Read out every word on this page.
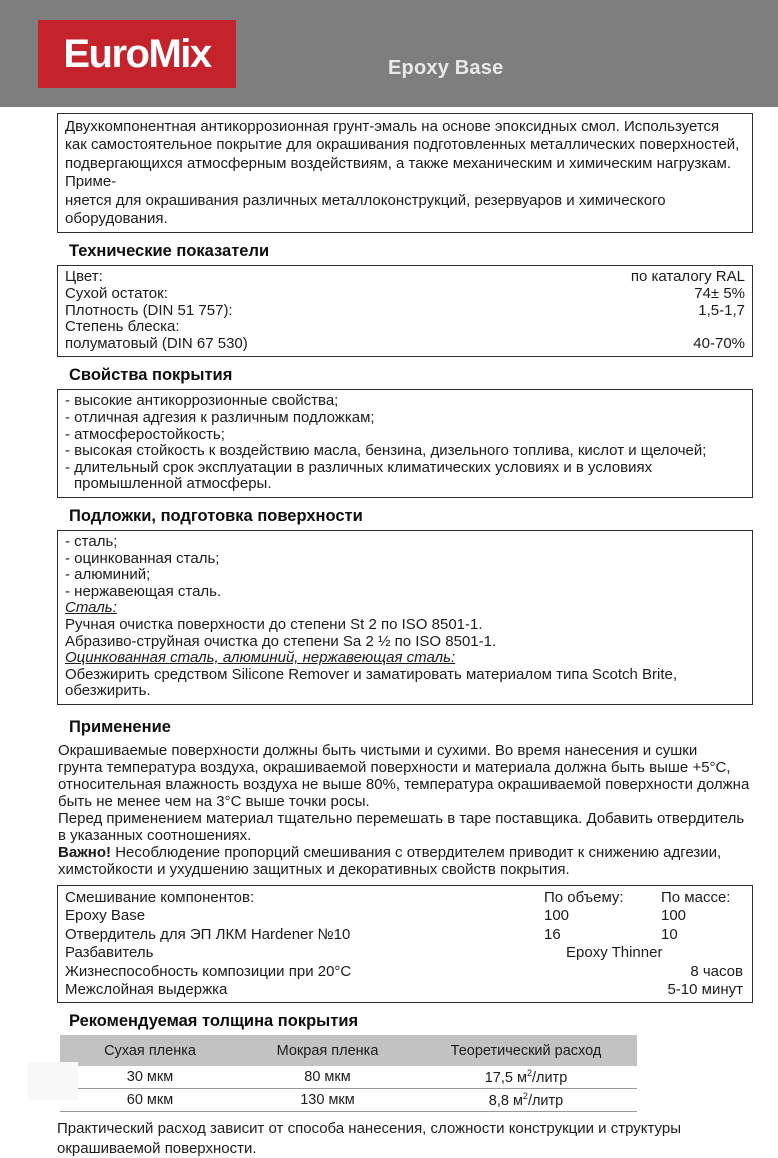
EuroMix	Epoxy Base
Двухкомпонентная антикоррозионная грунт-эмаль на основе эпоксидных смол. Используется
как самостоятельное покрытие для окрашивания подготовленных металлических поверхностей,
подвергающихся атмосферным воздействиям, а также механическим и химическим нагрузкам. Приме-
няется для окрашивания различных металлоконструкций, резервуаров и химического оборудования.
Технические показатели
Цвет:	по каталогу RAL
Сухой остаток:	74± 5%
Плотность (DIN 51 757):	1,5-1,7
Степень блеска:
полуматовый (DIN 67 530)	40-70%
Свойства покрытия
- высокие антикоррозионные свойства;
- отличная адгезия к различным подложкам;
- атмосферостойкость;
- высокая стойкость к воздействию масла, бензина, дизельного топлива, кислот и щелочей;
- длительный срок эксплуатации в различных климатических условиях и в условиях промышленной атмосферы.
Подложки, подготовка поверхности
- сталь;
- оцинкованная сталь;
- алюминий;
- нержавеющая сталь.
Сталь:
Ручная очистка поверхности до степени St 2 по ISO 8501-1.
Абразиво-струйная очистка до степени Sa 2 ½ по ISO 8501-1.
Оцинкованная сталь, алюминий, нержавеющая сталь:
Обезжирить средством Silicone Remover и заматировать материалом типа Scotch Brite, обезжирить.
Применение
Окрашиваемые поверхности должны быть чистыми и сухими. Во время нанесения и сушки
грунта температура воздуха, окрашиваемой поверхности и материала должна быть выше +5°С,
относительная влажность воздуха не выше 80%, температура окрашиваемой поверхности должна
быть не менее чем на 3°С выше точки росы.
Перед применением материал тщательно перемешать в таре поставщика. Добавить отвердитель
в указанных соотношениях.
Важно! Несоблюдение пропорций смешивания с отвердителем приводит к снижению адгезии,
химстойкости и ухудшению защитных и декоративных свойств покрытия.
Смешивание компонентов:	По объему:	По массе:
Epoxy Base	100	100
Отвердитель для ЭП ЛКМ Hardener №10	16	10
Разбавитель	Epoxy Thinner
Жизнеспособность композиции при 20°С	8 часов
Межслойная выдержка	5-10 минут
Рекомендуемая толщина покрытия
Сухая пленка	Мокрая пленка	Теоретический расход
30 мкм	80 мкм	17,5 $м^2$/литр
60 мкм	130 мкм	8,8 $м^2$/литр
Практический расход зависит от способа нанесения, сложности конструкции и структуры
окрашиваемой поверхности.
